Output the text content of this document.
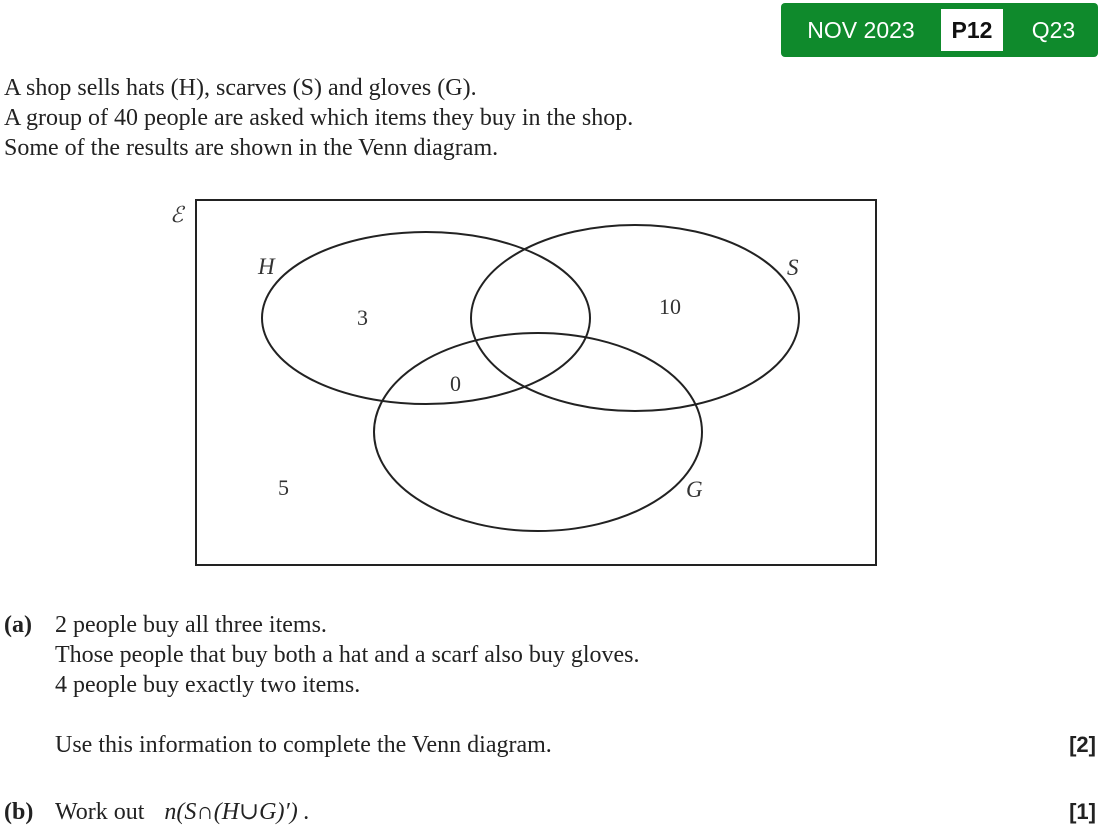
NOV 2023	P12	Q23
A shop sells hats (H), scarves (S) and gloves (G).
A group of 40 people are asked which items they buy in the shop.
Some of the results are shown in the Venn diagram.
ℰ
H	S
G
3	10
0
5
(a) 2 people buy all three items.
Those people that buy both a hat and a scarf also buy gloves.
4 people buy exactly two items.
Use this information to complete the Venn diagram.	[2]
(b) Work out n(S∩(H∪G)′) .	[1]
